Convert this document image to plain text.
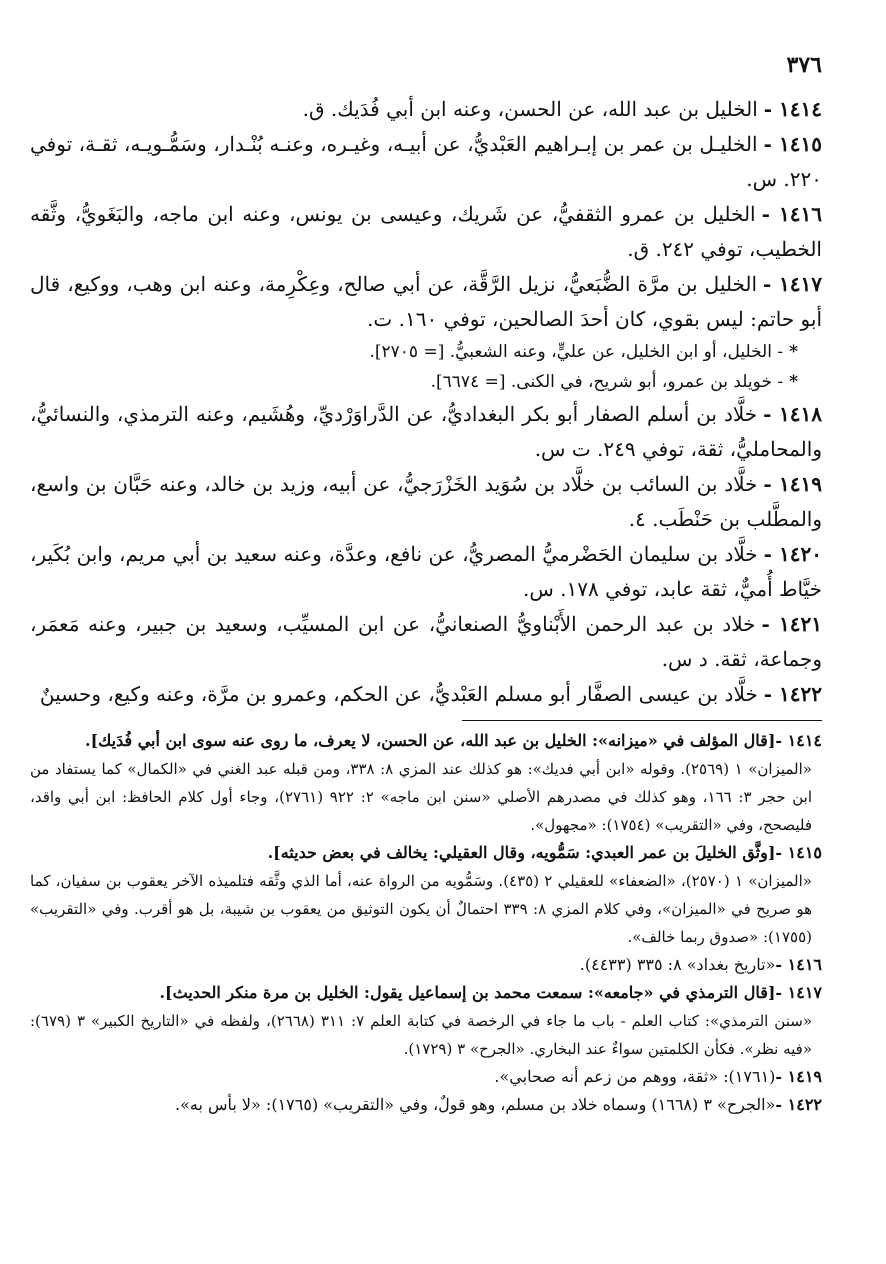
٣٧٦

١٤١٤ -الخليل بن عبد الله، عن الحسن، وعنه ابن أبي فُدَيك. ق.

١٤١٥ -الخليـل بن عمر بن إبـراهيم العَبْديُّ، عن أبيـه، وغيـره، وعنـه بُنْـدار، وسَمُّـويـه، ثقـة، توفي ٢٢٠. س.

١٤١٦ -الخليل بن عمرو الثقفيُّ، عن شَريك، وعيسى بن يونس، وعنه ابن ماجه، والبَغَويُّ، وثَّقه الخطيب، توفي ٢٤٢. ق.

١٤١٧ -الخليل بن مرَّة الضُّبَعيُّ، نزيل الرَّقَّة، عن أبي صالح، وعِكْرِمة، وعنه ابن وهب، ووكيع، قال أبو حاتم: ليس بقوي، كان أحدَ الصالحين، توفي ١٦٠. ت.

*- الخليل، أو ابن الخليل، عن عليٍّ، وعنه الشعبيُّ. [= ٢٧٠٥].

*- خويلد بن عمرو، أبو شريح، في الكنى. [= ٦٦٧٤].

١٤١٨ -خلَّاد بن أسلم الصفار أبو بكر البغداديُّ، عن الدَّراوَرْديِّ، وهُشَيم، وعنه الترمذي، والنسائيُّ، والمحامليُّ، ثقة، توفي ٢٤٩. ت س.

١٤١٩ -خلَّاد بن السائب بن خلَّاد بن سُوَيد الخَزْرَجيُّ، عن أبيه، وزيد بن خالد، وعنه حَبَّان بن واسع، والمطَّلب بن حَنْطَب. ٤.

١٤٢٠ -خلَّاد بن سليمان الحَضْرميُّ المصريُّ، عن نافع، وعدَّة، وعنه سعيد بن أبي مريم، وابن بُكَير، خيَّاط أُميٌّ، ثقة عابد، توفي ١٧٨. س.

١٤٢١ -خلاد بن عبد الرحمن الأَبْناويُّ الصنعانيُّ، عن ابن المسيِّب، وسعيد بن جبير، وعنه مَعمَر، وجماعة، ثقة. د س.

١٤٢٢ -خلَّاد بن عيسى الصفَّار أبو مسلم العَبْديُّ، عن الحكم، وعمرو بن مرَّة، وعنه وكيع، وحسينٌ

١٤١٤ -[قال المؤلف في «ميزانه»: الخليل بن عبد الله، عن الحسن، لا يعرف، ما روى عنه سوى ابن أبي فُدَيك].

«الميزان» ١ (٢٥٦٩). وقوله «ابن أبي فديك»: هو كذلك عند المزي ٨: ٣٣٨، ومن قبله عبد الغني في «الكمال» كما يستفاد من ابن حجر ٣: ١٦٦، وهو كذلك في مصدرهم الأصلي «سنن ابن ماجه» ٢: ٩٢٢ (٢٧٦١)، وجاء أول كلام الحافظ: ابن أبي واقد، فليصحح، وفي «التقريب» (١٧٥٤): «مجهول».

١٤١٥ -[وثَّق الخليلَ بن عمر العبدي: سَمُّويه، وقال العقيلي: يخالف في بعض حديثه].

«الميزان» ١ (٢٥٧٠)، «الضعفاء» للعقيلي ٢ (٤٣٥). وسَمُّويه من الرواة عنه، أما الذي وثَّقه فتلميذه الآخر يعقوب بن سفيان، كما هو صريح في «الميزان»، وفي كلام المزي ٨: ٣٣٩ احتمالٌ أن يكون التوثيق من يعقوب بن شيبة، بل هو أقرب. وفي «التقريب» (١٧٥٥): «صدوق ربما خالف».

١٤١٦ -«تاريخ بغداد» ٨: ٣٣٥ (٤٤٣٣).

١٤١٧ -[قال الترمذي في «جامعه»: سمعت محمد بن إسماعيل يقول: الخليل بن مرة منكر الحديث].

«سنن الترمذي»: كتاب العلم - باب ما جاء في الرخصة في كتابة العلم ٧: ٣١١ (٢٦٦٨)، ولفظه في «التاريخ الكبير» ٣ (٦٧٩): «فيه نظر». فكأن الكلمتين سواءٌ عند البخاري. «الجرح» ٣ (١٧٢٩).

١٤١٩ -(١٧٦١): «ثقة، ووهم من زعم أنه صحابي».

١٤٢٢ -«الجرح» ٣ (١٦٦٨) وسماه خلاد بن مسلم، وهو قولٌ، وفي «التقريب» (١٧٦٥): «لا بأس به».
